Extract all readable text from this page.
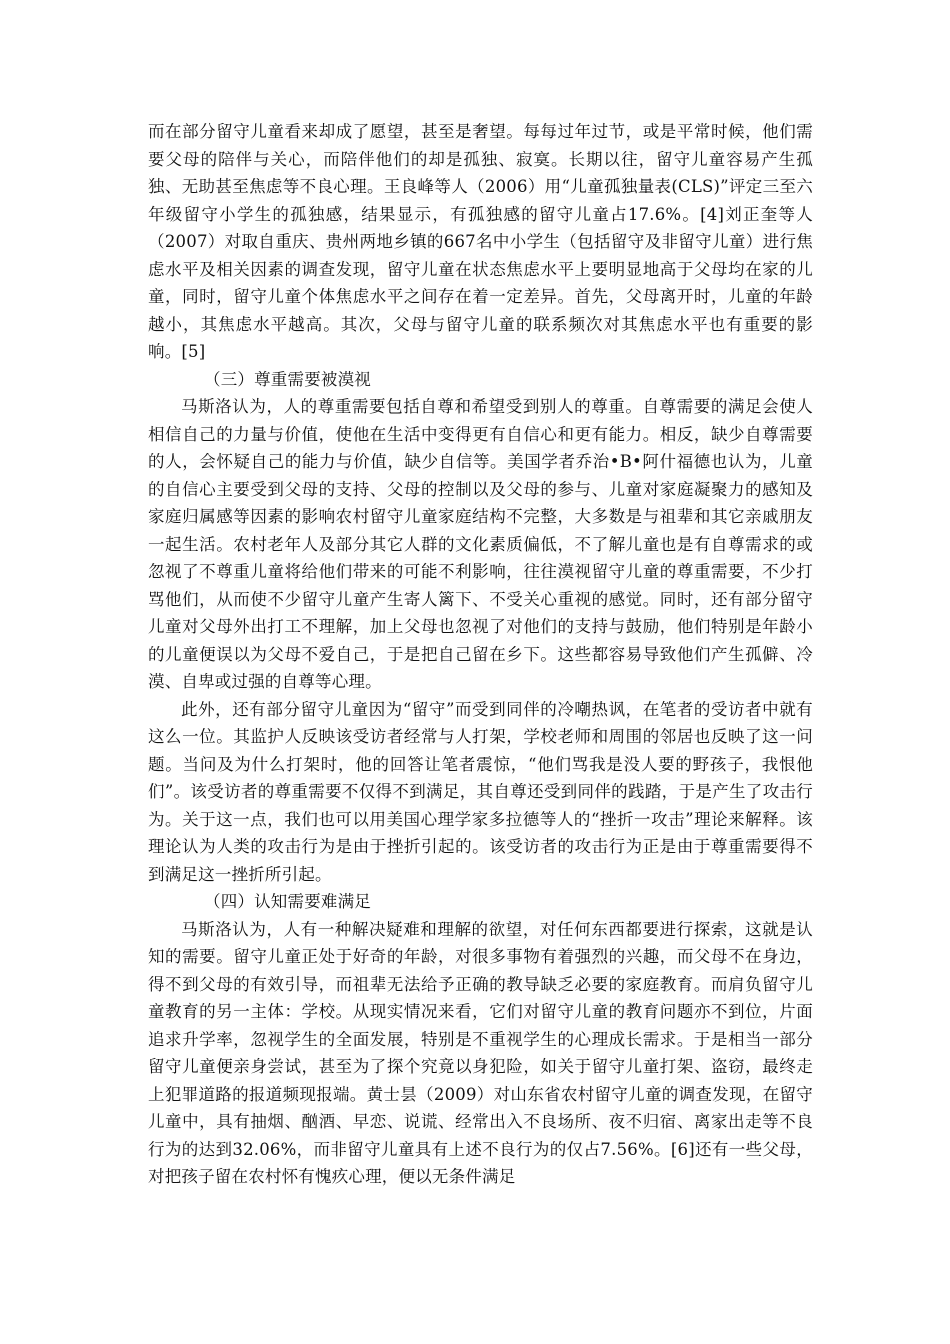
而在部分留守儿童看来却成了愿望，甚至是奢望。每每过年过节，或是平常时候，他们需要父母的陪伴与关心，而陪伴他们的却是孤独、寂寞。长期以往，留守儿童容易产生孤独、无助甚至焦虑等不良心理。王良峰等人（2006）用“儿童孤独量表(CLS)”评定三至六年级留守小学生的孤独感，结果显示，有孤独感的留守儿童占17.6%。[4]刘正奎等人（2007）对取自重庆、贵州两地乡镇的667名中小学生（包括留守及非留守儿童）进行焦虑水平及相关因素的调查发现，留守儿童在状态焦虑水平上要明显地高于父母均在家的儿童，同时，留守儿童个体焦虑水平之间存在着一定差异。首先，父母离开时，儿童的年龄越小，其焦虑水平越高。其次，父母与留守儿童的联系频次对其焦虑水平也有重要的影响。[5]

（三）尊重需要被漠视

马斯洛认为，人的尊重需要包括自尊和希望受到别人的尊重。自尊需要的满足会使人相信自己的力量与价值，使他在生活中变得更有自信心和更有能力。相反，缺少自尊需要的人，会怀疑自己的能力与价值，缺少自信等。美国学者乔治•B•阿什福德也认为，儿童的自信心主要受到父母的支持、父母的控制以及父母的参与、儿童对家庭凝聚力的感知及家庭归属感等因素的影响农村留守儿童家庭结构不完整，大多数是与祖辈和其它亲戚朋友一起生活。农村老年人及部分其它人群的文化素质偏低，不了解儿童也是有自尊需求的或忽视了不尊重儿童将给他们带来的可能不利影响，往往漠视留守儿童的尊重需要，不少打骂他们，从而使不少留守儿童产生寄人篱下、不受关心重视的感觉。同时，还有部分留守儿童对父母外出打工不理解，加上父母也忽视了对他们的支持与鼓励，他们特别是年龄小的儿童便误以为父母不爱自己，于是把自己留在乡下。这些都容易导致他们产生孤僻、冷漠、自卑或过强的自尊等心理。

此外，还有部分留守儿童因为“留守”而受到同伴的冷嘲热讽，在笔者的受访者中就有这么一位。其监护人反映该受访者经常与人打架，学校老师和周围的邻居也反映了这一问题。当问及为什么打架时，他的回答让笔者震惊，“他们骂我是没人要的野孩子，我恨他们”。该受访者的尊重需要不仅得不到满足，其自尊还受到同伴的践踏，于是产生了攻击行为。关于这一点，我们也可以用美国心理学家多拉德等人的“挫折一攻击”理论来解释。该理论认为人类的攻击行为是由于挫折引起的。该受访者的攻击行为正是由于尊重需要得不到满足这一挫折所引起。

（四）认知需要难满足

马斯洛认为，人有一种解决疑难和理解的欲望，对任何东西都要进行探索，这就是认知的需要。留守儿童正处于好奇的年龄，对很多事物有着强烈的兴趣，而父母不在身边，得不到父母的有效引导，而祖辈无法给予正确的教导缺乏必要的家庭教育。而肩负留守儿童教育的另一主体：学校。从现实情况来看，它们对留守儿童的教育问题亦不到位，片面追求升学率，忽视学生的全面发展，特别是不重视学生的心理成长需求。于是相当一部分留守儿童便亲身尝试，甚至为了探个究竟以身犯险，如关于留守儿童打架、盗窃，最终走上犯罪道路的报道频现报端。黄士昙（2009）对山东省农村留守儿童的调查发现，在留守儿童中，具有抽烟、酗酒、早恋、说谎、经常出入不良场所、夜不归宿、离家出走等不良行为的达到32.06%，而非留守儿童具有上述不良行为的仅占7.56%。[6]还有一些父母，对把孩子留在农村怀有愧疚心理，便以无条件满足
